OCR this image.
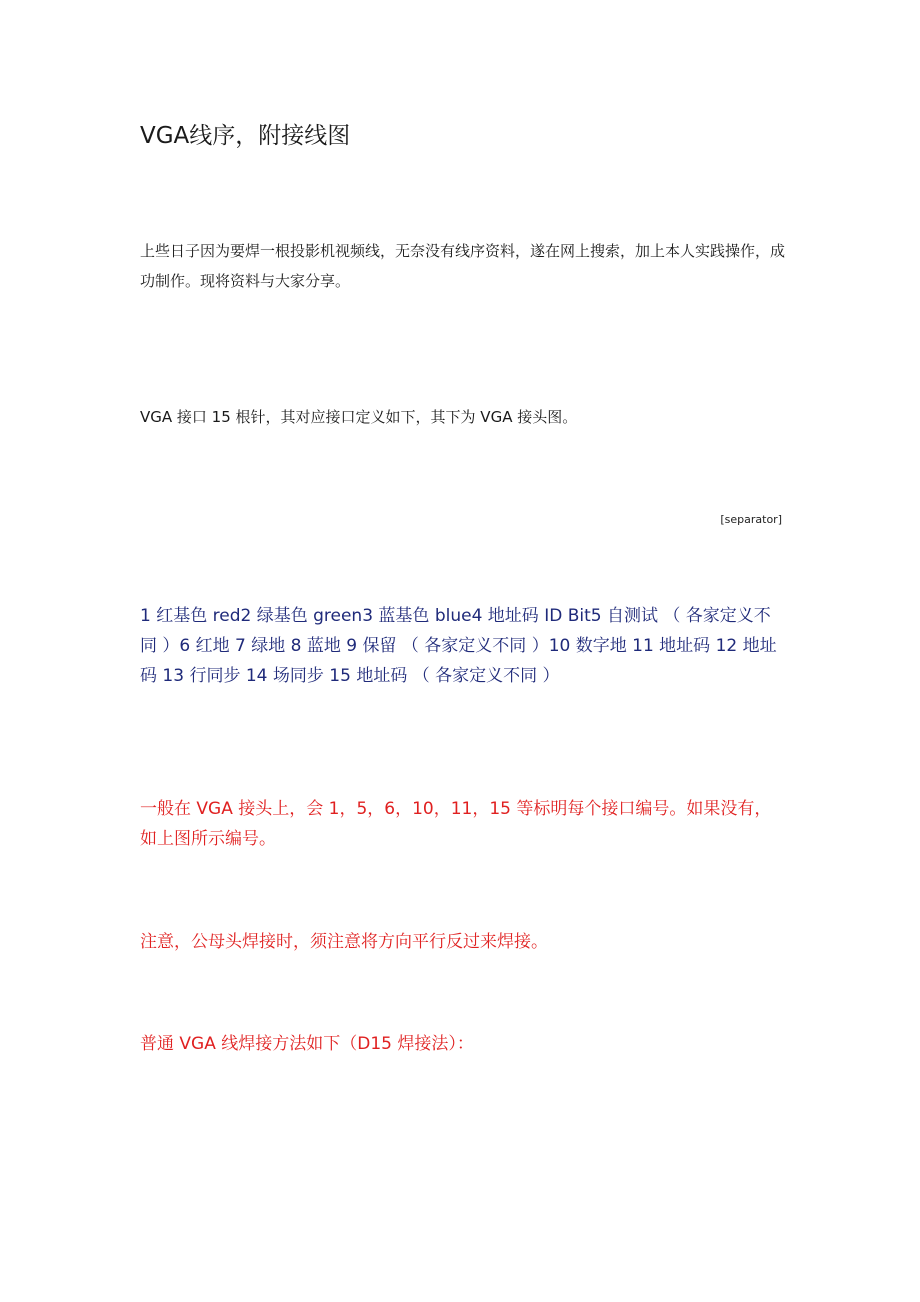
VGA线序，附接线图

上些日子因为要焊一根投影机视频线，无奈没有线序资料，遂在网上搜索，加上本人实践操作，成功制作。现将资料与大家分享。

VGA 接口 15 根针，其对应接口定义如下，其下为 VGA 接头图。

[separator]

1 红基色 red2 绿基色 green3 蓝基色 blue4 地址码 ID Bit5 自测试 （ 各家定义不同 ）6 红地 7 绿地 8 蓝地 9 保留 （ 各家定义不同 ）10 数字地 11 地址码 12 地址码 13 行同步 14 场同步 15 地址码 （ 各家定义不同 ）

一般在 VGA 接头上，会 1，5，6，10，11，15 等标明每个接口编号。如果没有，如上图所示编号。

注意，公母头焊接时，须注意将方向平行反过来焊接。

普通 VGA 线焊接方法如下（D15 焊接法）：
